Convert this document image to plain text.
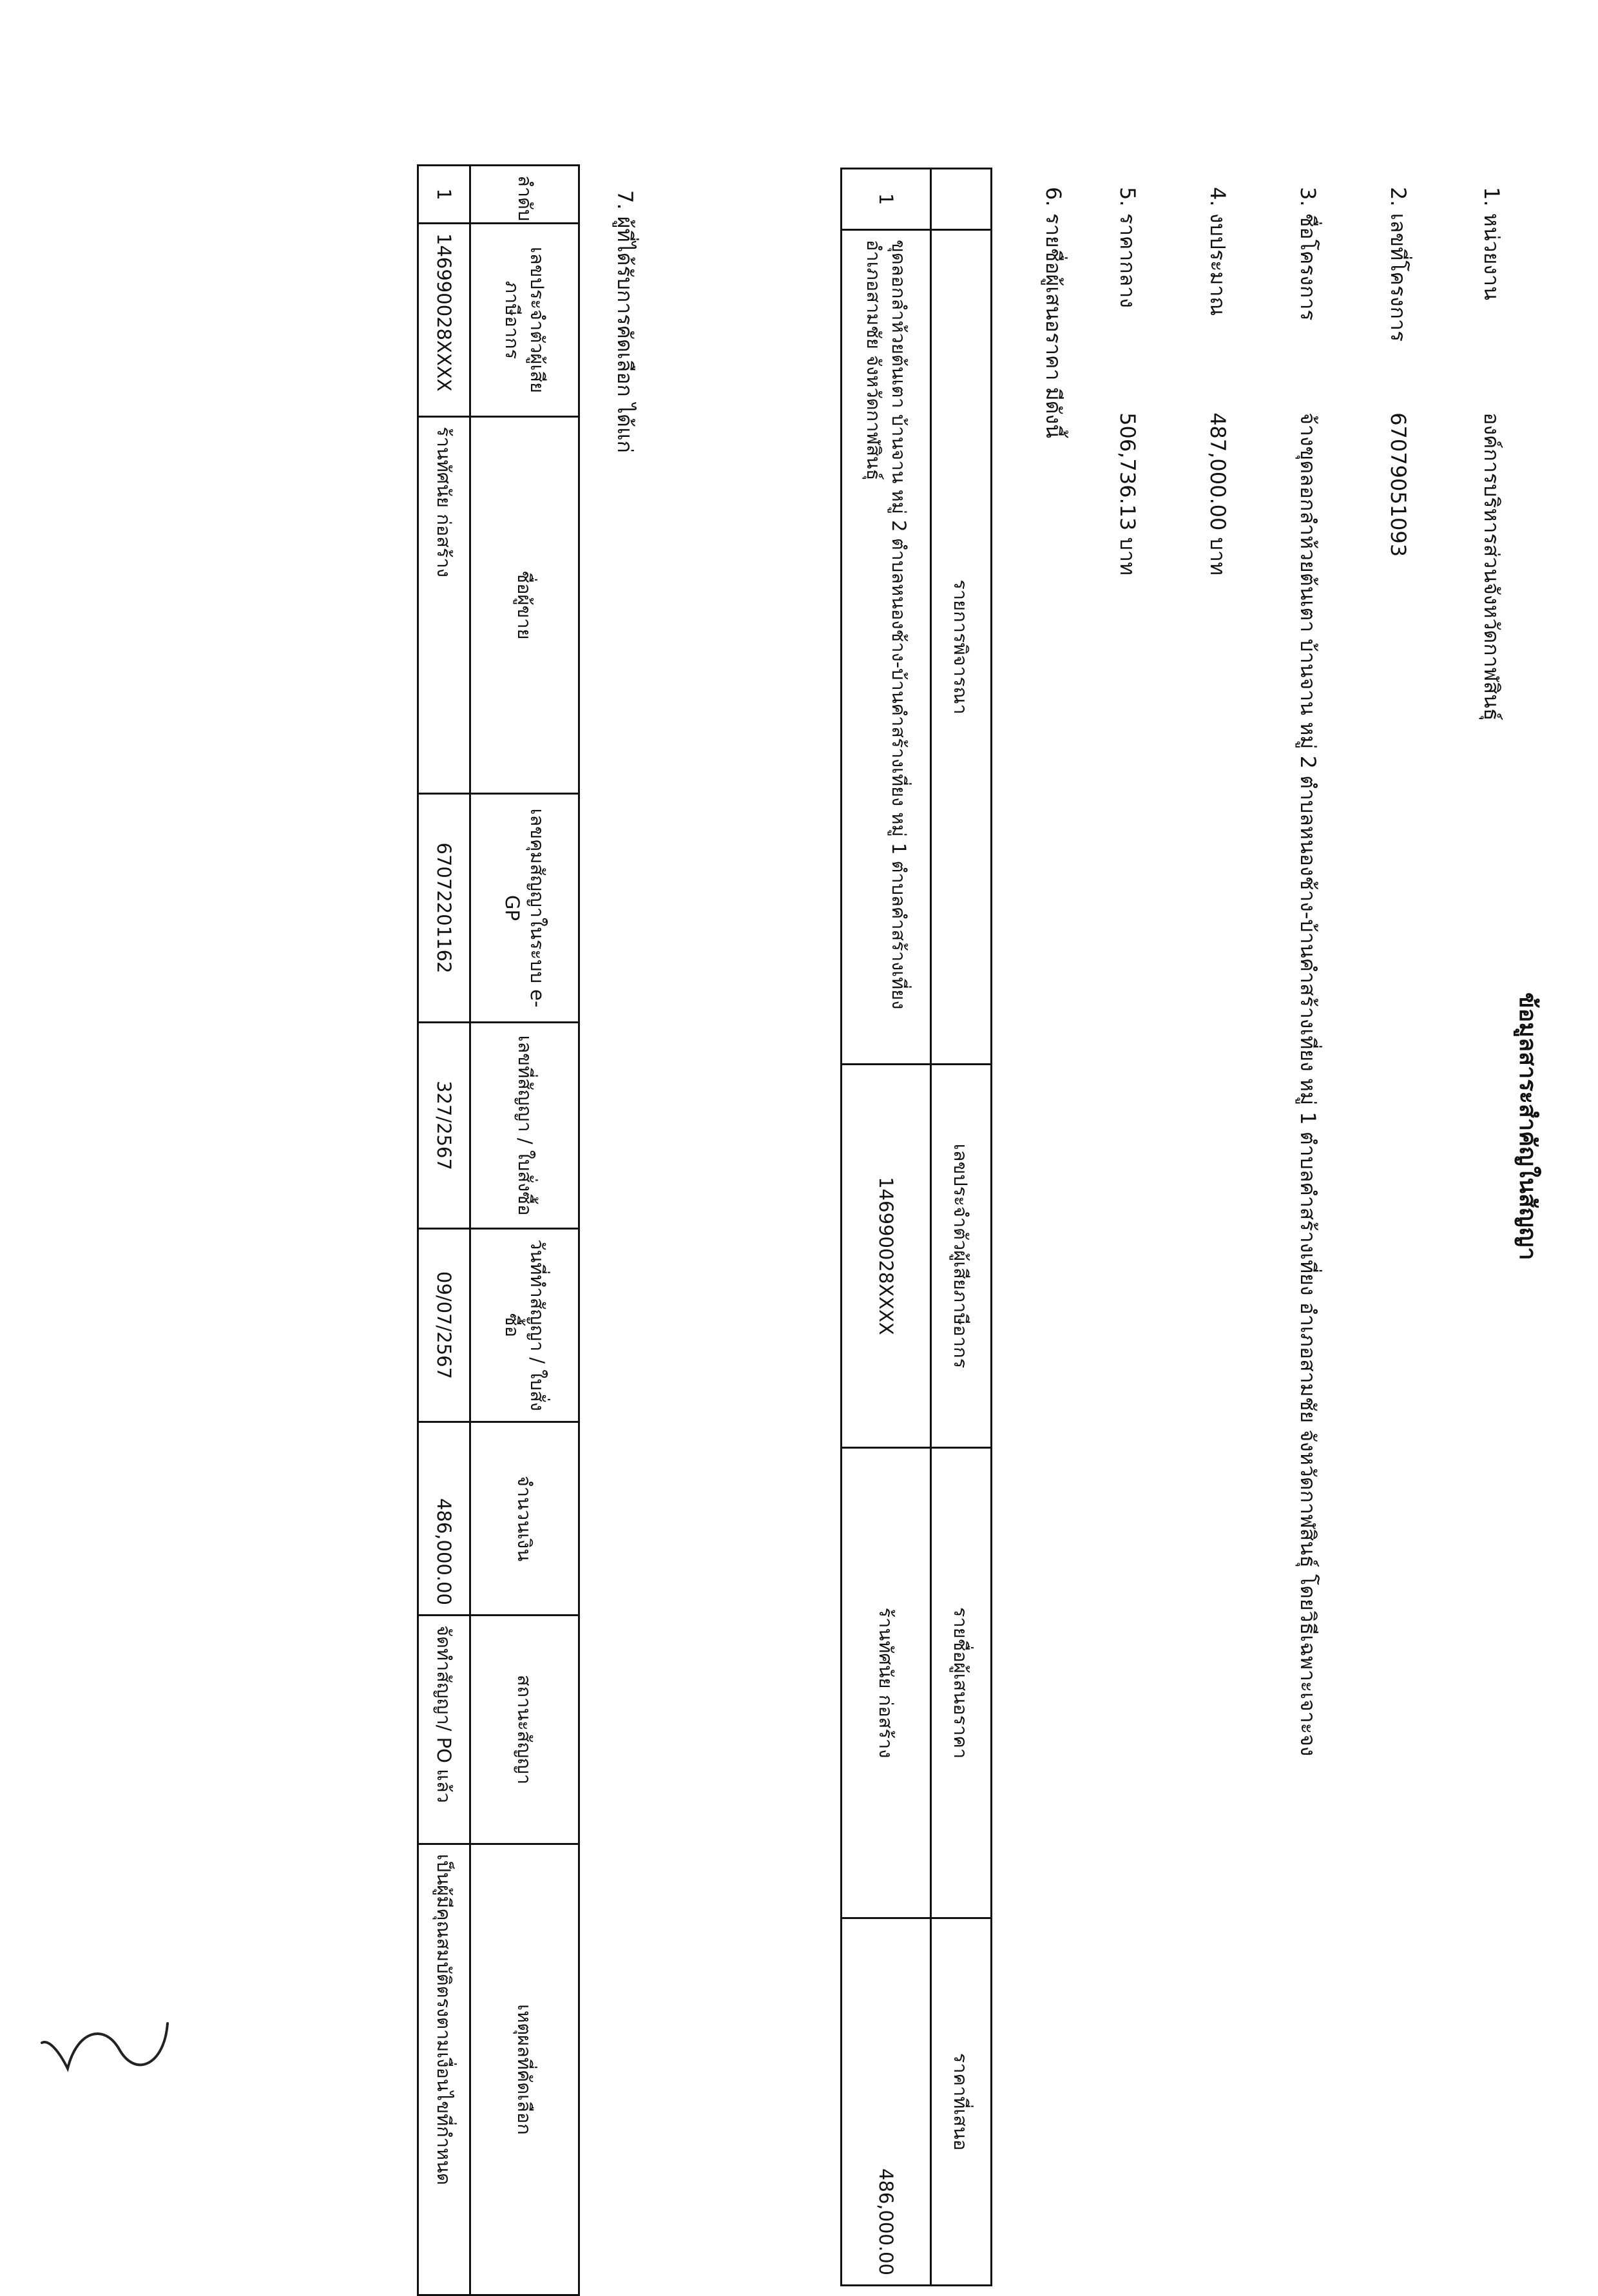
ข้อมูลสาระสำคัญในสัญญา
1. หน่วยงาน องค์การบริหารส่วนจังหวัดกาฬสินธุ์
2. เลขที่โครงการ 67079051093
3. ชื่อโครงการ จ้างขุดลอกลำห้วยต้นเตา บ้านจาน หมู่ 2 ตำบลหนองช้าง-บ้านคำสร้างเที่ยง หมู่ 1 ตำบลคำสร้างเที่ยง อำเภอสามชัย จังหวัดกาฬสินธุ์ โดยวิธีเฉพาะเจาะจง
4. งบประมาณ 487,000.00 บาท
5. ราคากลาง 506,736.13 บาท
6. รายชื่อผู้เสนอราคา มีดังนี้
	รายการพิจารณา	เลขประจำตัวผู้เสียภาษีอากร	รายชื่อผู้เสนอราคา	ราคาที่เสนอ
1	ขุดลอกลำห้วยต้นเตา บ้านจาน หมู่ 2 ตำบลหนองช้าง-บ้านคำสร้างเที่ยง หมู่ 1 ตำบลคำสร้างเที่ยง อำเภอสามชัย จังหวัดกาฬสินธุ์	146990028XXXX	ร้านทัศนัย ก่อสร้าง	486,000.00
7. ผู้ที่ได้รับการคัดเลือก ได้แก่
ลำดับ	เลขประจำตัวผู้เสียภาษีอากร	ชื่อผู้ขาย	เลขคุมสัญญาในระบบ e-GP	เลขที่สัญญา / ใบสั่งซื้อ	วันที่ทำสัญญา / ใบสั่งซื้อ	จำนวนเงิน	สถานะสัญญา	เหตุผลที่คัดเลือก
1	146990028XXXX	ร้านทัศนัย ก่อสร้าง	67072201162	327/2567	09/07/2567	486,000.00	จัดทำสัญญา/ PO แล้ว	เป็นผู้มีคุณสมบัติตรงตามเงื่อนไขที่กำหนด
